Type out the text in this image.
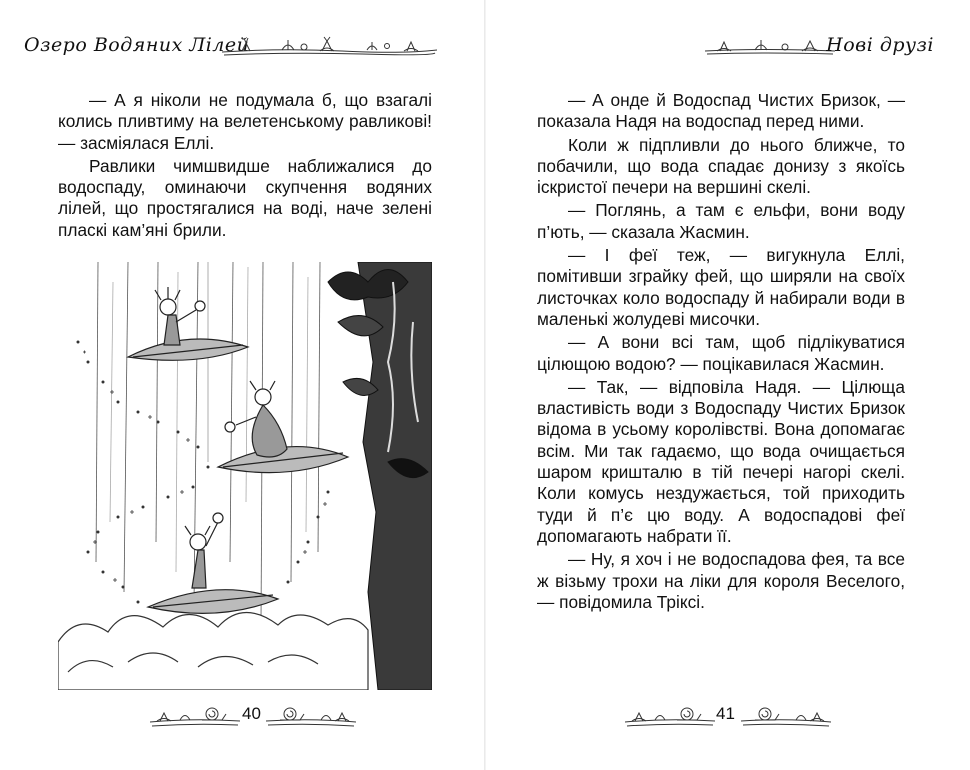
Озеро Водяних Лілей

— А я ніколи не подумала б, що взагалі колись пливтиму на велетенському равликові! — засміялася Еллі.

Равлики чимшвидше наближалися до водоспаду, оминаючи скупчення водяних лілей, що простягалися на воді, наче зелені пласкі кам’яні брили.

40
Нові друзі

— А онде й Водоспад Чистих Бризок, — показала Надя на водоспад перед ними.

Коли ж підпливли до нього ближче, то побачили, що вода спадає донизу з якоїсь іскристої печери на вершині скелі.

— Поглянь, а там є ельфи, вони воду п’ють, — сказала Жасмин.

— І феї теж, — вигукнула Еллі, помітивши зграйку фей, що ширяли на своїх листочках коло водоспаду й набирали води в маленькі жолудеві мисочки.

— А вони всі там, щоб підлікуватися цілющою водою? — поцікавилася Жасмин.

— Так, — відповіла Надя. — Цілюща властивість води з Водоспаду Чистих Бризок відома в усьому королівстві. Вона допомагає всім. Ми так гадаємо, що вода очищається шаром кришталю в тій печері нагорі скелі. Коли комусь нездужається, той приходить туди й п’є цю воду. А водоспадові феї допомагають набрати її.

— Ну, я хоч і не водоспадова фея, та все ж візьму трохи на ліки для короля Веселого, — повідомила Тріксі.

41
